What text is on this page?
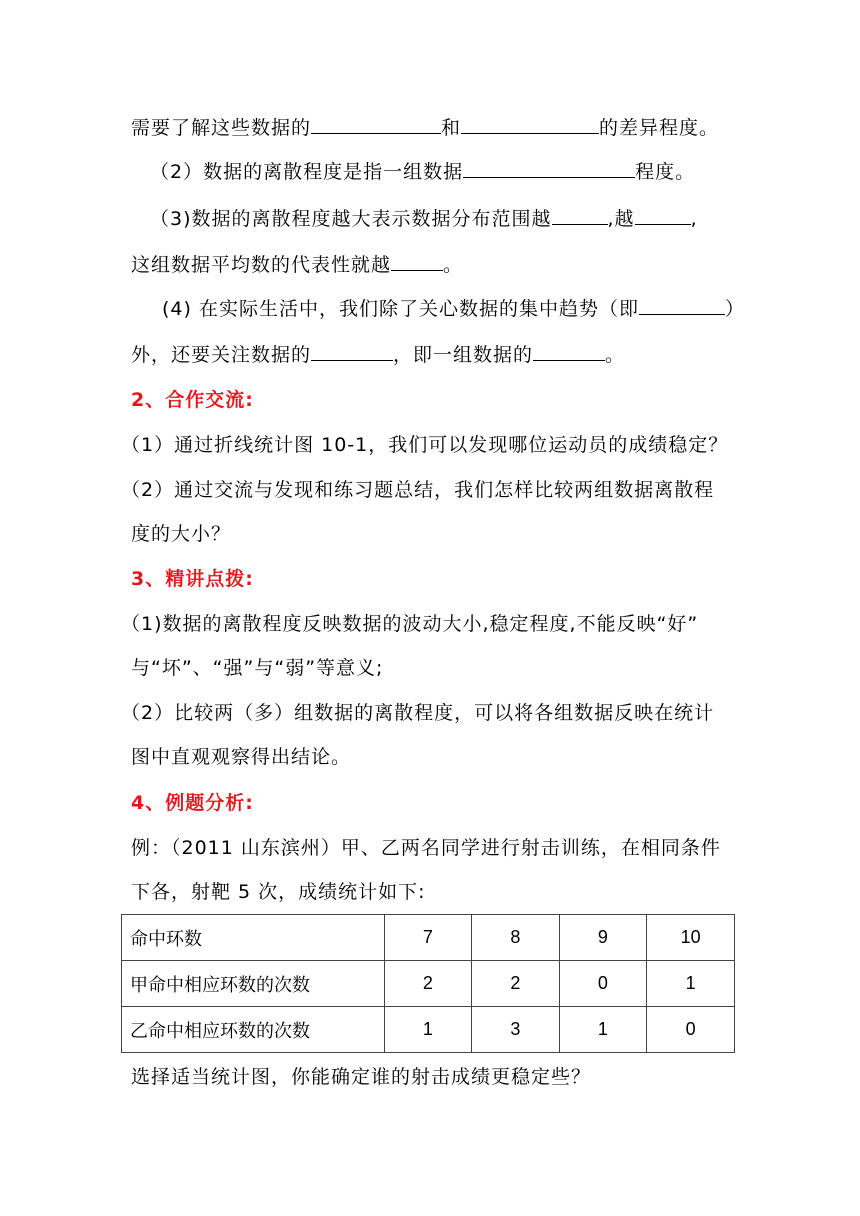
需要了解这些数据的	和	的差异程度。
（2）数据的离散程度是指一组数据	程度。
（3)数据的离散程度越大表示数据分布范围越	,越	,
这组数据平均数的代表性就越	。
(4) 在实际生活中，我们除了关心数据的集中趋势（即	）
外，还要关注数据的	，即一组数据的	。
2、合作交流:
（1）通过折线统计图 10-1，我们可以发现哪位运动员的成绩稳定？
（2）通过交流与发现和练习题总结，我们怎样比较两组数据离散程
度的大小？
3、精讲点拨:
（1)数据的离散程度反映数据的波动大小,稳定程度,不能反映“好”
与“坏”、“强”与“弱”等意义;
（2）比较两（多）组数据的离散程度，可以将各组数据反映在统计
图中直观观察得出结论。
4、例题分析:
例：（2011 山东滨州）甲、乙两名同学进行射击训练，在相同条件
下各，射靶 5 次，成绩统计如下:
命中环数	7	8	9	10
甲命中相应环数的次数	2	2	0	1
乙命中相应环数的次数	1	3	1	0
选择适当统计图，你能确定谁的射击成绩更稳定些？
